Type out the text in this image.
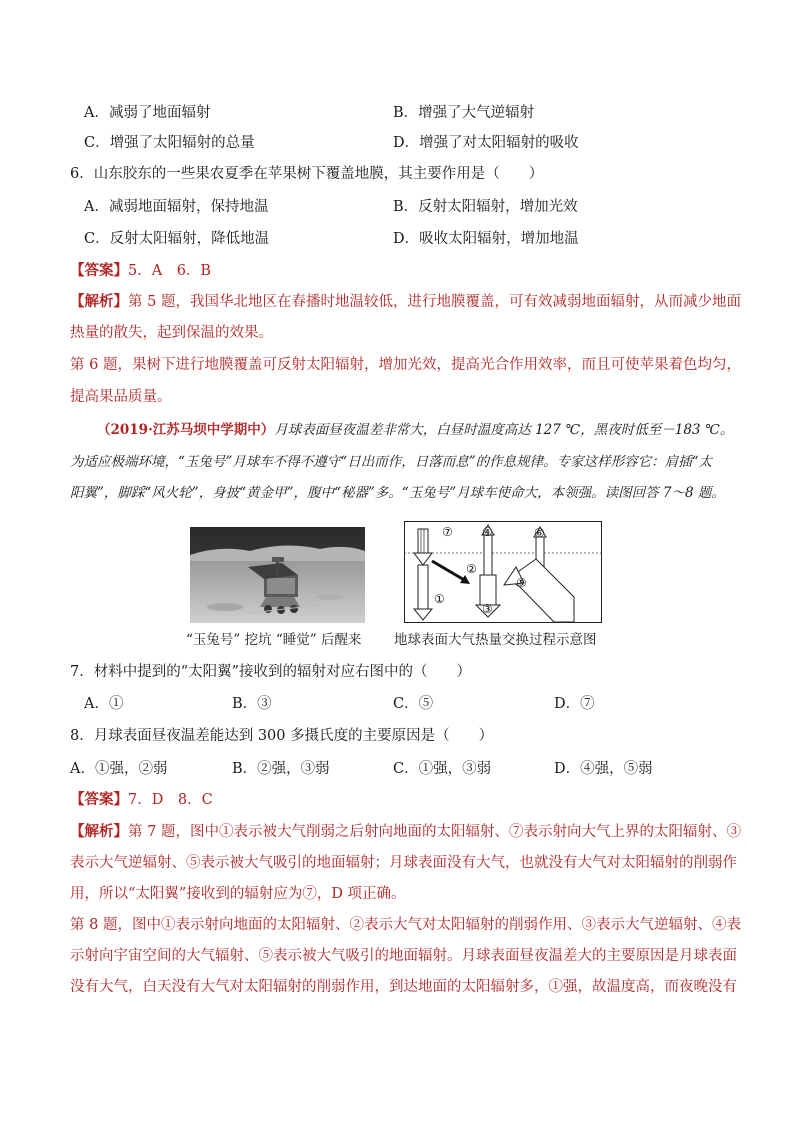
A．减弱了地面辐射	B．增强了大气逆辐射
C．增强了太阳辐射的总量	D．增强了对太阳辐射的吸收
6．山东胶东的一些果农夏季在苹果树下覆盖地膜，其主要作用是（　　）
A．减弱地面辐射，保持地温	B．反射太阳辐射，增加光效
C．反射太阳辐射，降低地温	D．吸收太阳辐射，增加地温
【答案】5．A　6．B
【解析】第 5 题，我国华北地区在春播时地温较低，进行地膜覆盖，可有效减弱地面辐射，从而减少地面
热量的散失，起到保温的效果。
第 6 题，果树下进行地膜覆盖可反射太阳辐射，增加光效，提高光合作用效率，而且可使苹果着色均匀，
提高果品质量。
（2019·江苏马坝中学期中）月球表面昼夜温差非常大，白昼时温度高达 127 ℃，黑夜时低至－183 ℃。
为适应极端环境，“玉兔号”月球车不得不遵守“日出而作，日落而息”的作息规律。专家这样形容它：肩插“太
阳翼”，脚踩“风火轮”，身披“黄金甲”，腹中“秘器”多。“玉兔号”月球车使命大，本领强。读图回答 7～8 题。
“玉兔号” 挖坑 “睡觉” 后醒来
⑦ ④	⑥
②
⑤
①
③
地球表面大气热量交换过程示意图
7．材料中提到的“太阳翼”接收到的辐射对应右图中的（　　）
A．①	B．③	C．⑤	D．⑦
8．月球表面昼夜温差能达到 300 多摄氏度的主要原因是（　　）
A．①强，②弱	B．②强，③弱	C．①强，③弱	D．④强，⑤弱
【答案】7．D　8．C
【解析】第 7 题，图中①表示被大气削弱之后射向地面的太阳辐射、⑦表示射向大气上界的太阳辐射、③
表示大气逆辐射、⑤表示被大气吸引的地面辐射；月球表面没有大气，也就没有大气对太阳辐射的削弱作
用，所以“太阳翼”接收到的辐射应为⑦，D 项正确。
第 8 题，图中①表示射向地面的太阳辐射、②表示大气对太阳辐射的削弱作用、③表示大气逆辐射、④表
示射向宇宙空间的大气辐射、⑤表示被大气吸引的地面辐射。月球表面昼夜温差大的主要原因是月球表面
没有大气，白天没有大气对太阳辐射的削弱作用，到达地面的太阳辐射多，①强，故温度高，而夜晚没有
